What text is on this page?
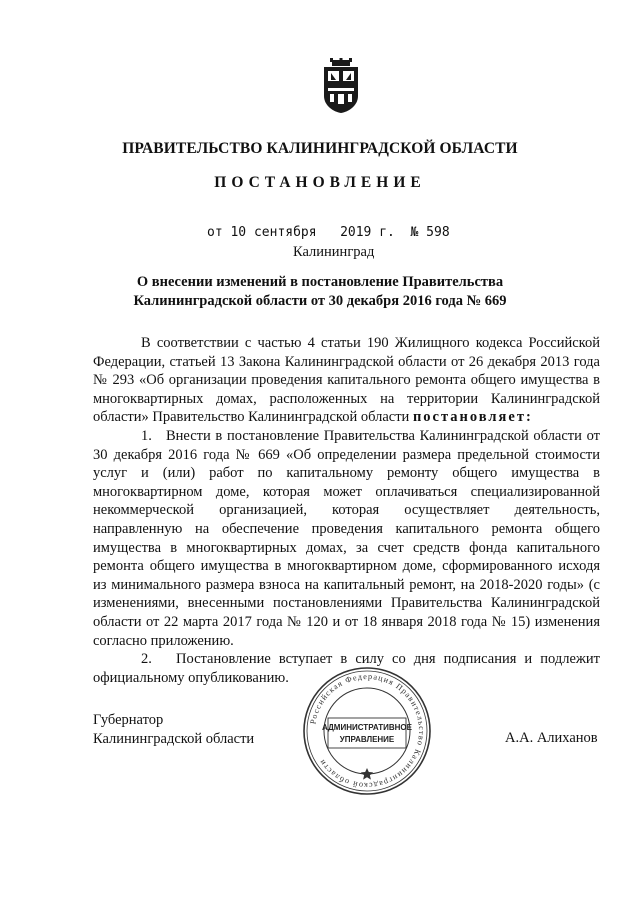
ПРАВИТЕЛЬСТВО КАЛИНИНГРАДСКОЙ ОБЛАСТИ
ПОСТАНОВЛЕНИЕ
от 10 сентября 2019 г. № 598
Калининград
О внесении изменений в постановление Правительства
Калининградской области от 30 декабря 2016 года № 669

В соответствии с частью 4 статьи 190 Жилищного кодекса Российской Федерации, статьей 13 Закона Калининградской области от 26 декабря 2013 года № 293 «Об организации проведения капитального ремонта общего имущества в многоквартирных домах, расположенных на территории Калининградской области» Правительство Калининградской области постановляет:

1.   Внести в постановление Правительства Калининградской области от 30 декабря 2016 года № 669 «Об определении размера предельной стоимости услуг и (или) работ по капитальному ремонту общего имущества в многоквартирном доме, которая может оплачиваться специализированной некоммерческой организацией, которая осуществляет деятельность, направленную на обеспечение проведения капитального ремонта общего имущества в многоквартирных домах, за счет средств фонда капитального ремонта общего имущества в многоквартирном доме, сформированного исходя из минимального размера взноса на капитальный ремонт, на 2018-2020 годы» (с изменениями, внесенными постановлениями Правительства Калининградской области от 22 марта 2017 года № 120 и от 18 января 2018 года № 15) изменения согласно приложению.

2.   Постановление вступает в силу со дня подписания и подлежит официальному опубликованию.

Губернатор
Калининградской области
Российская Федерация Правительство Калининградской области
АДМИНИСТРАТИВНОЕ
УПРАВЛЕНИЕ	А.А. Алиханов
